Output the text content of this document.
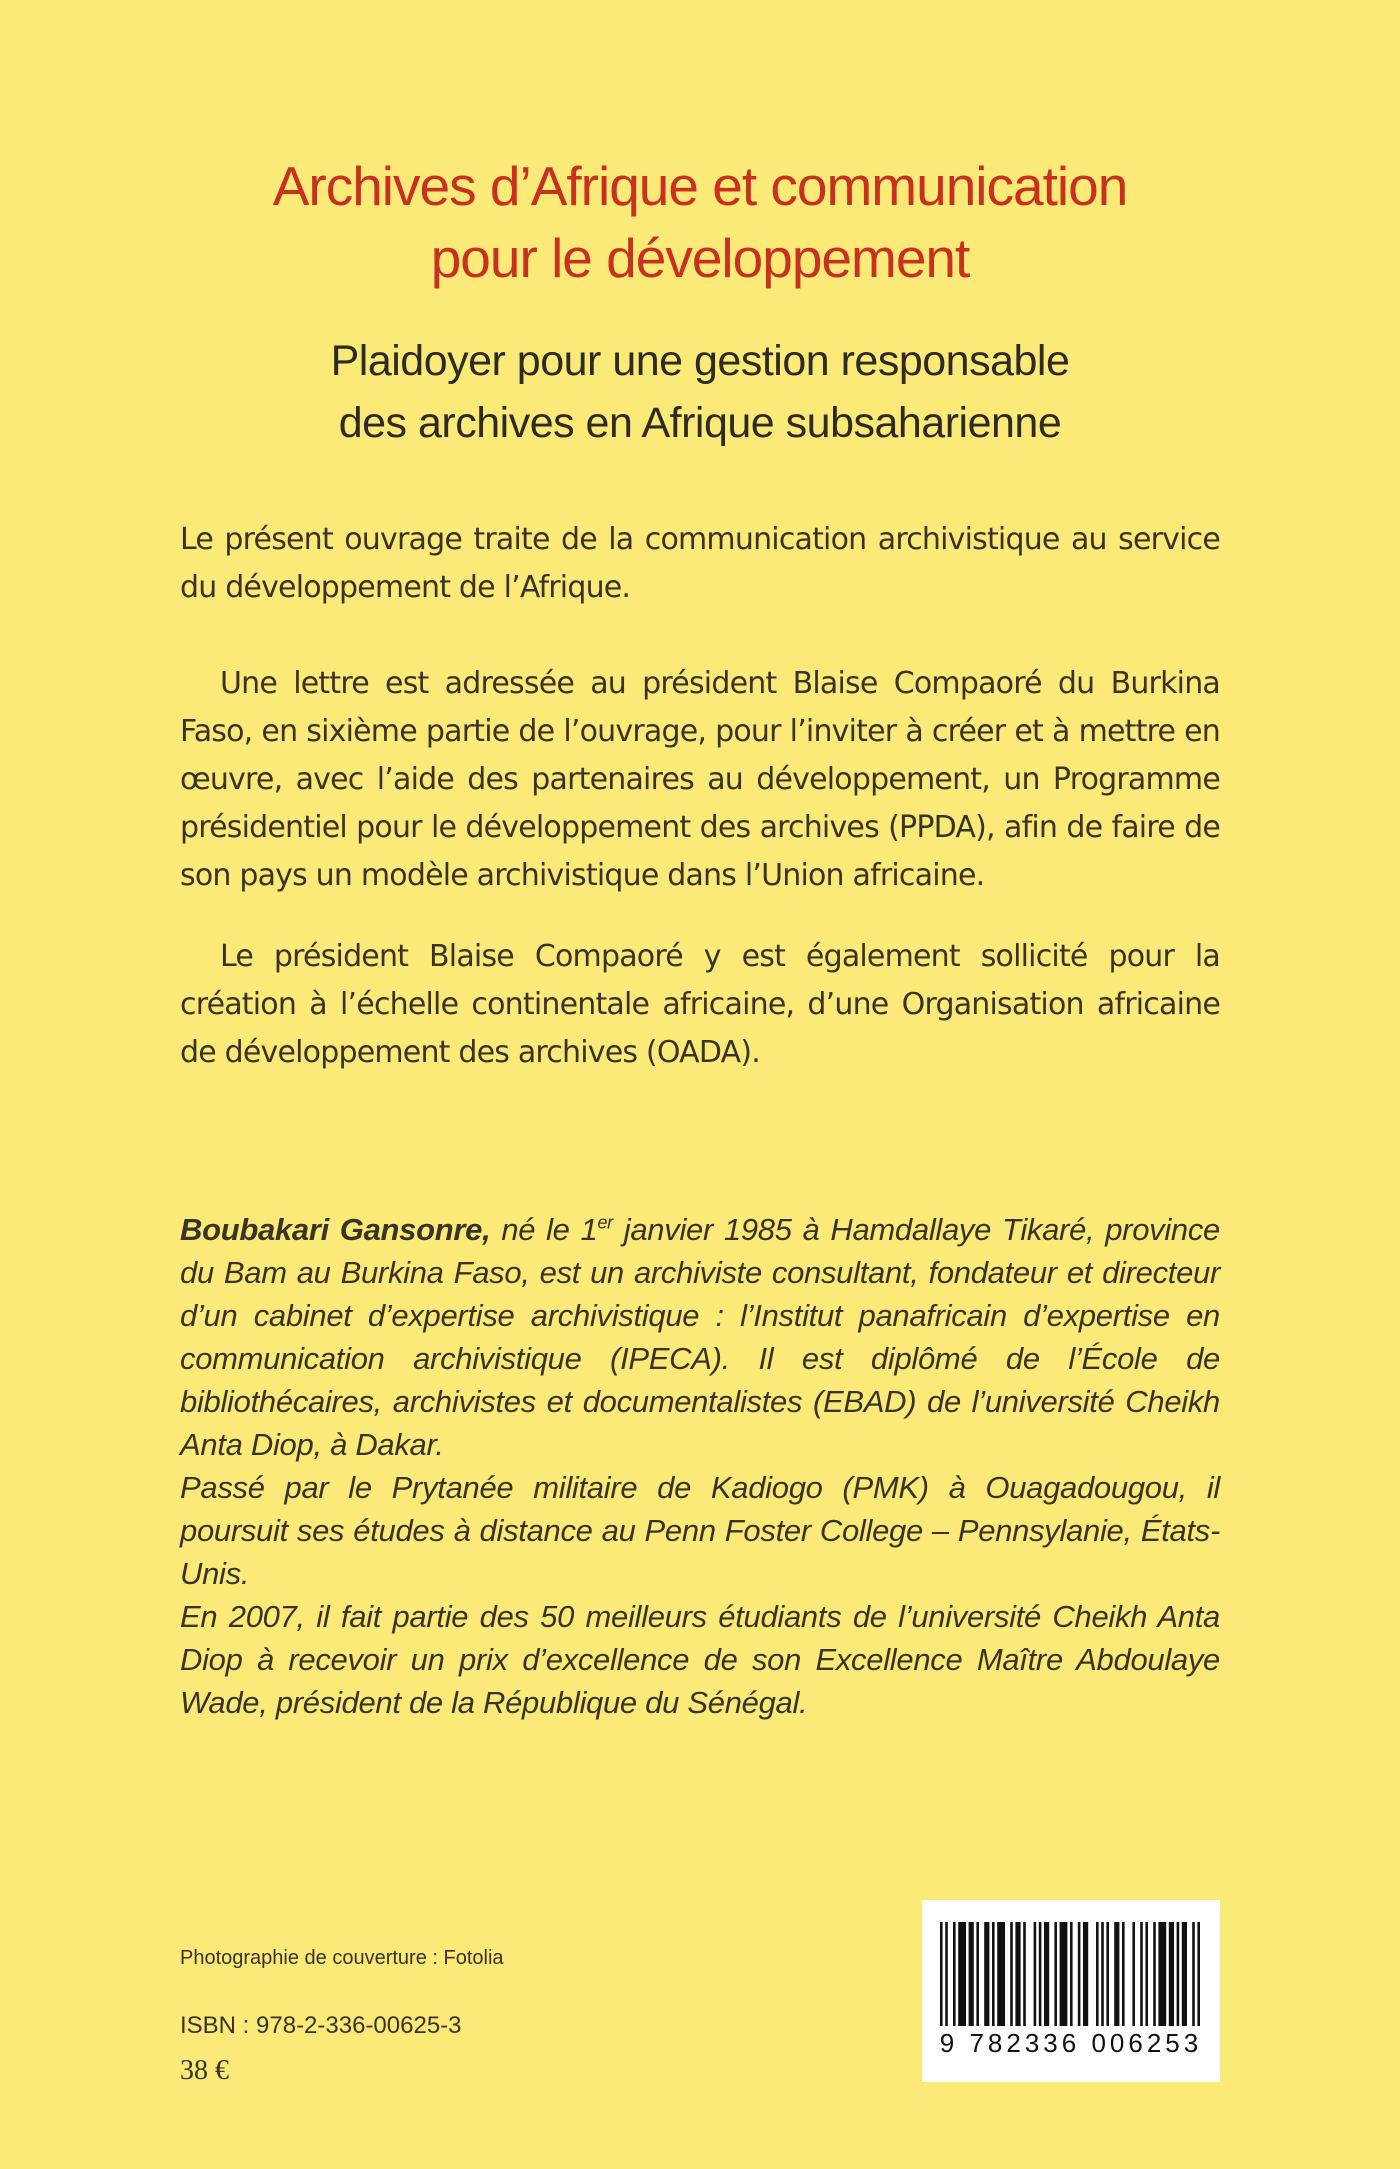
Archives d’Afrique et communication
pour le développement
Plaidoyer pour une gestion responsable
des archives en Afrique subsaharienne
Le présent ouvrage traite de la communication archivistique au service du développement de l’Afrique.
Une lettre est adressée au président Blaise Compaoré du Burkina Faso, en sixième partie de l’ouvrage, pour l’inviter à créer et à mettre en œuvre, avec l’aide des partenaires au développement, un Programme présidentiel pour le développement des archives (PPDA), afin de faire de son pays un modèle archivistique dans l’Union africaine.
Le président Blaise Compaoré y est également sollicité pour la création à l’échelle continentale africaine, d’une Organisation africaine de développement des archives (OADA).

Boubakari Gansonre, né le 1er janvier 1985 à Hamdallaye Tikaré, province du Bam au Burkina Faso, est un archiviste consultant, fondateur et directeur d’un cabinet d’expertise archivistique : l’Institut panafricain d’expertise en communication archivistique (IPECA). Il est diplômé de l’École de bibliothécaires, archivistes et documentalistes (EBAD) de l’université Cheikh Anta Diop, à Dakar.

Passé par le Prytanée militaire de Kadiogo (PMK) à Ouagadougou, il poursuit ses études à distance au Penn Foster College – Pennsylanie, États-Unis.

En 2007, il fait partie des 50 meilleurs étudiants de l’université Cheikh Anta Diop à recevoir un prix d’excellence de son Excellence Maître Abdoulaye Wade, président de la République du Sénégal.

Photographie de couverture : Fotolia
ISBN : 978-2-336-00625-3
38 €
9 782336 006253
